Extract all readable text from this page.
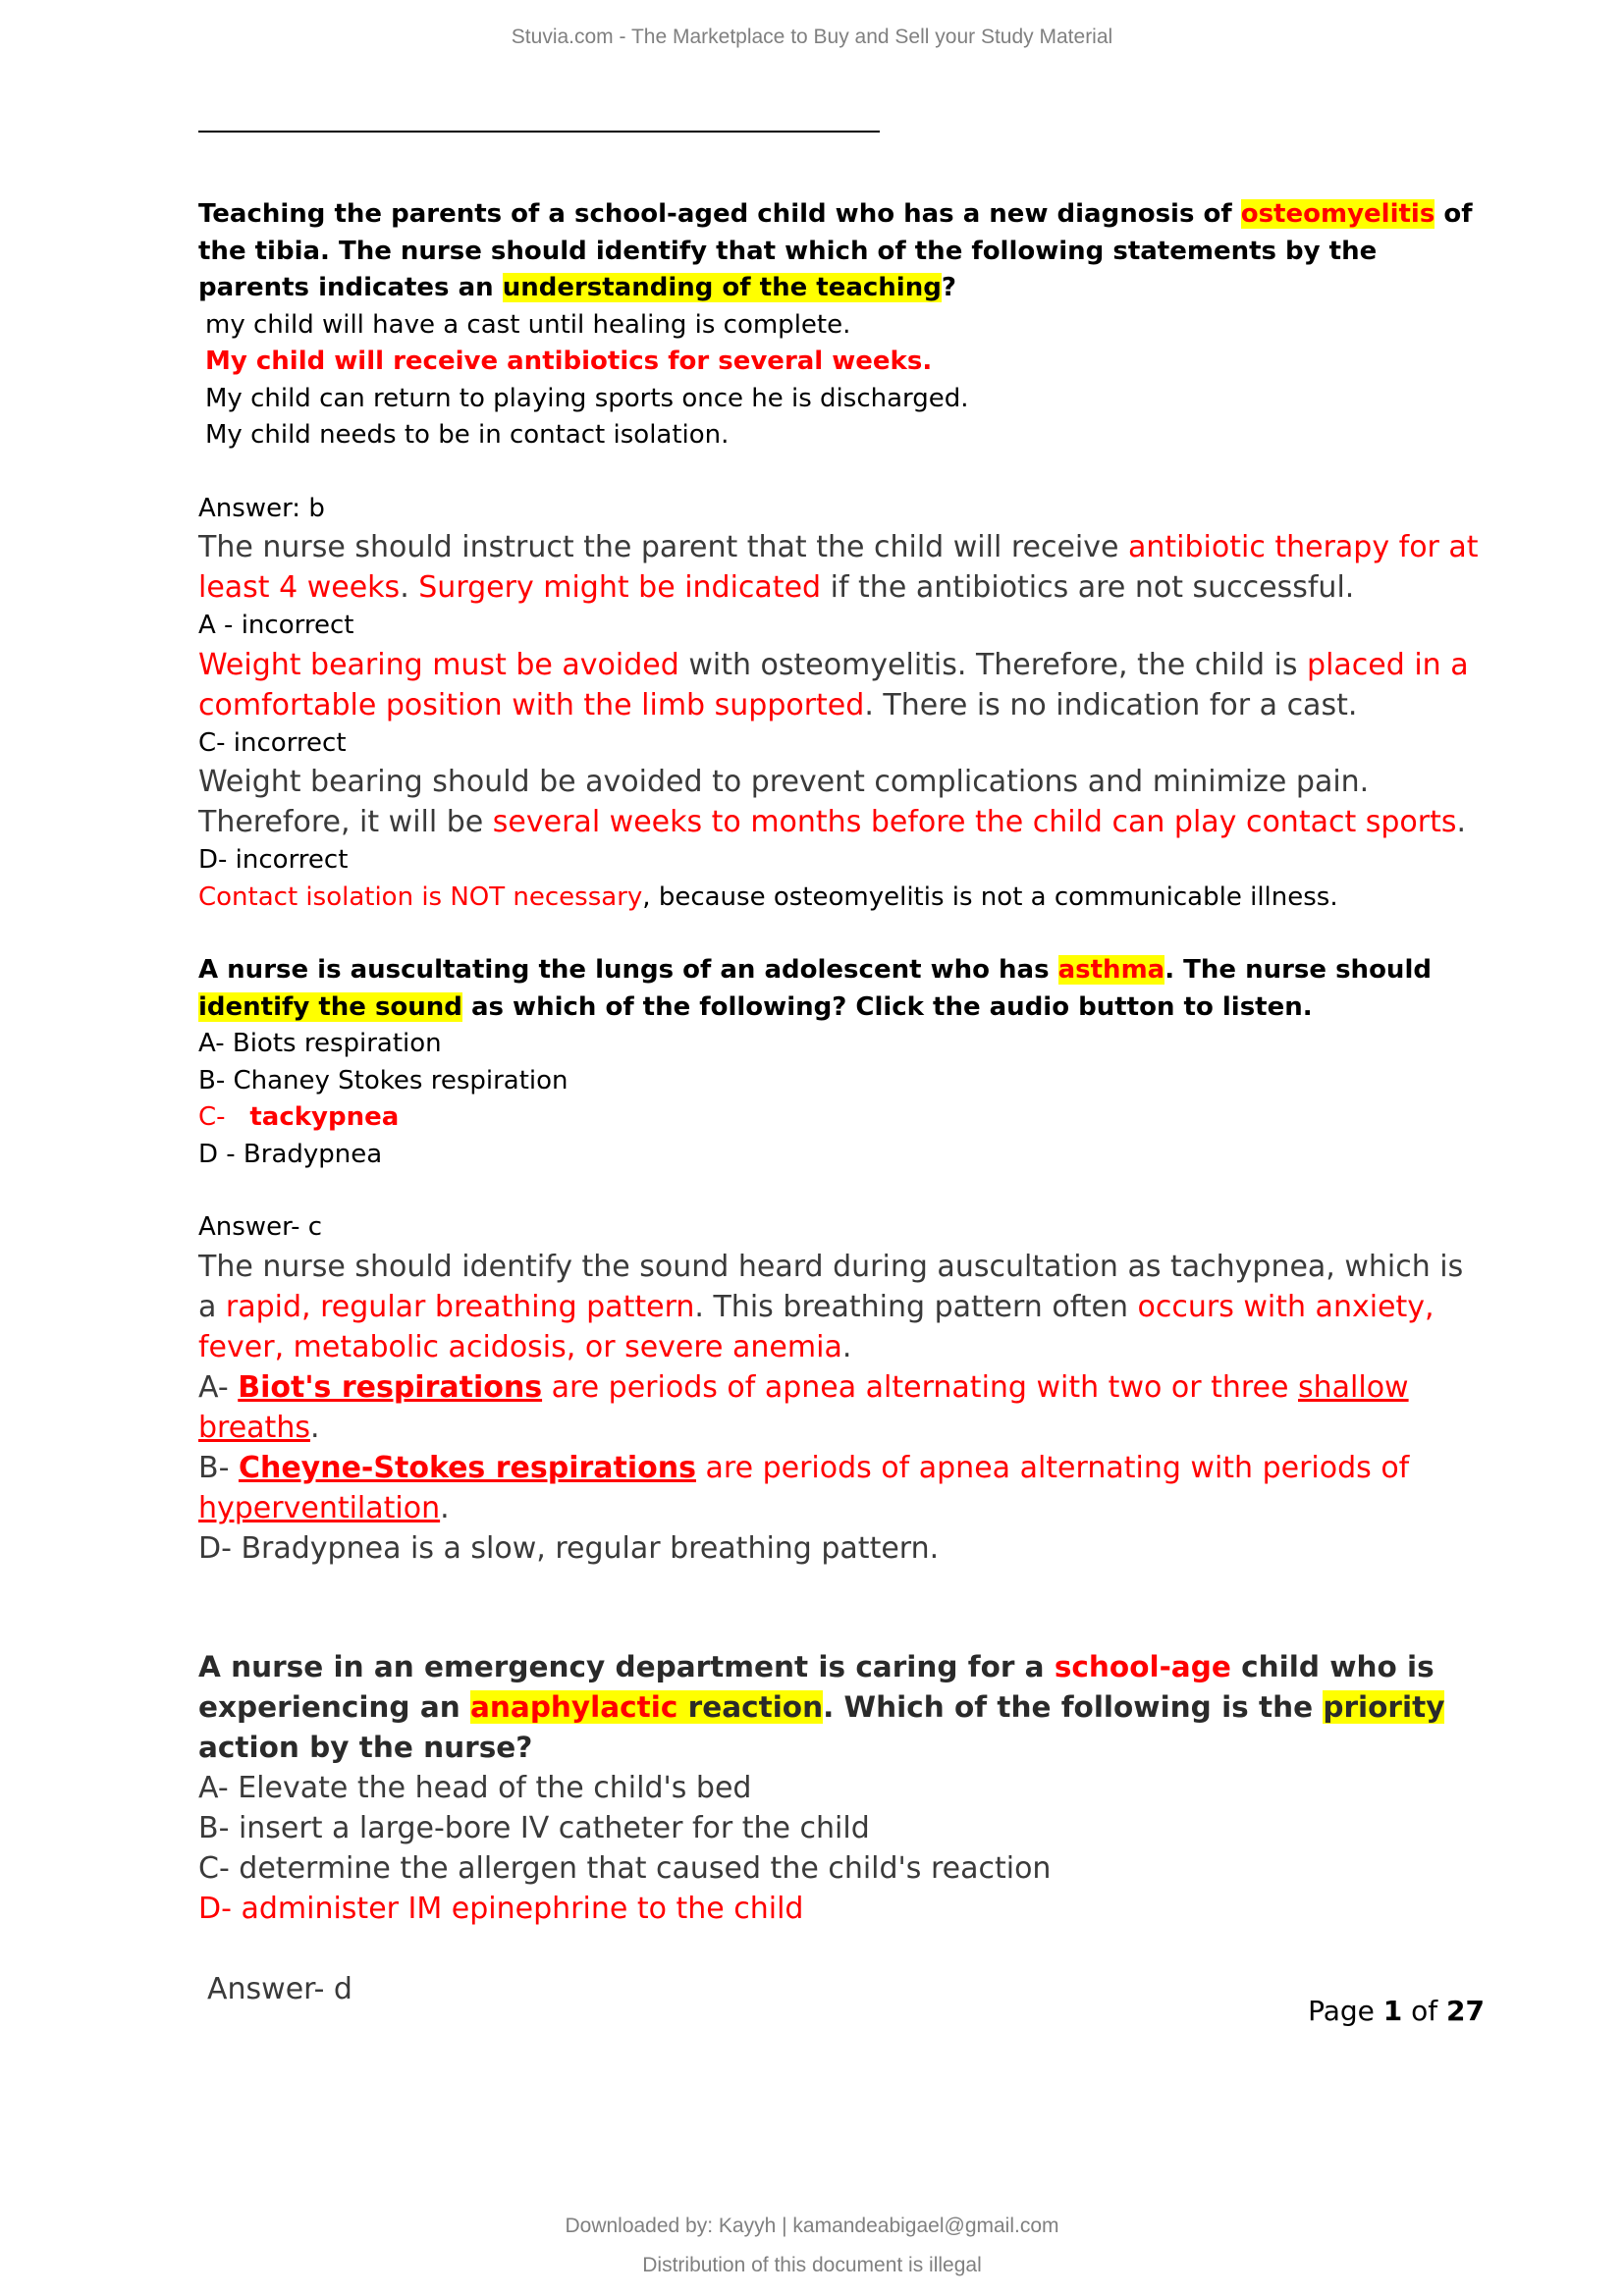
Stuvia.com - The Marketplace to Buy and Sell your Study Material
Teaching the parents of a school-aged child who has a new diagnosis of osteomyelitis of the tibia. The nurse should identify that which of the following statements by the parents indicates an understanding of the teaching?
my child will have a cast until healing is complete.
My child will receive antibiotics for several weeks.
My child can return to playing sports once he is discharged.
My child needs to be in contact isolation.
Answer: b
The nurse should instruct the parent that the child will receive antibiotic therapy for at least 4 weeks. Surgery might be indicated if the antibiotics are not successful.
A - incorrect
Weight bearing must be avoided with osteomyelitis. Therefore, the child is placed in a comfortable position with the limb supported. There is no indication for a cast.
C- incorrect
Weight bearing should be avoided to prevent complications and minimize pain. Therefore, it will be several weeks to months before the child can play contact sports.
D- incorrect
Contact isolation is NOT necessary, because osteomyelitis is not a communicable illness.
A nurse is auscultating the lungs of an adolescent who has asthma. The nurse should identify the sound as which of the following? Click the audio button to listen.
A- Biots respiration
B- Chaney Stokes respiration
C-   tackypnea
D - Bradypnea
Answer- c
The nurse should identify the sound heard during auscultation as tachypnea, which is a rapid, regular breathing pattern. This breathing pattern often occurs with anxiety, fever, metabolic acidosis, or severe anemia.
A- Biot's respirations are periods of apnea alternating with two or three shallow breaths.
B- Cheyne-Stokes respirations are periods of apnea alternating with periods of hyperventilation.
D- Bradypnea is a slow, regular breathing pattern.
A nurse in an emergency department is caring for a school-age child who is experiencing an anaphylactic reaction. Which of the following is the priority action by the nurse?
A- Elevate the head of the child's bed
B- insert a large-bore IV catheter for the child
C- determine the allergen that caused the child's reaction
D- administer IM epinephrine to the child
Answer- d
Page 1 of 27
Downloaded by: Kayyh | kamandeabigael@gmail.com
Distribution of this document is illegal
